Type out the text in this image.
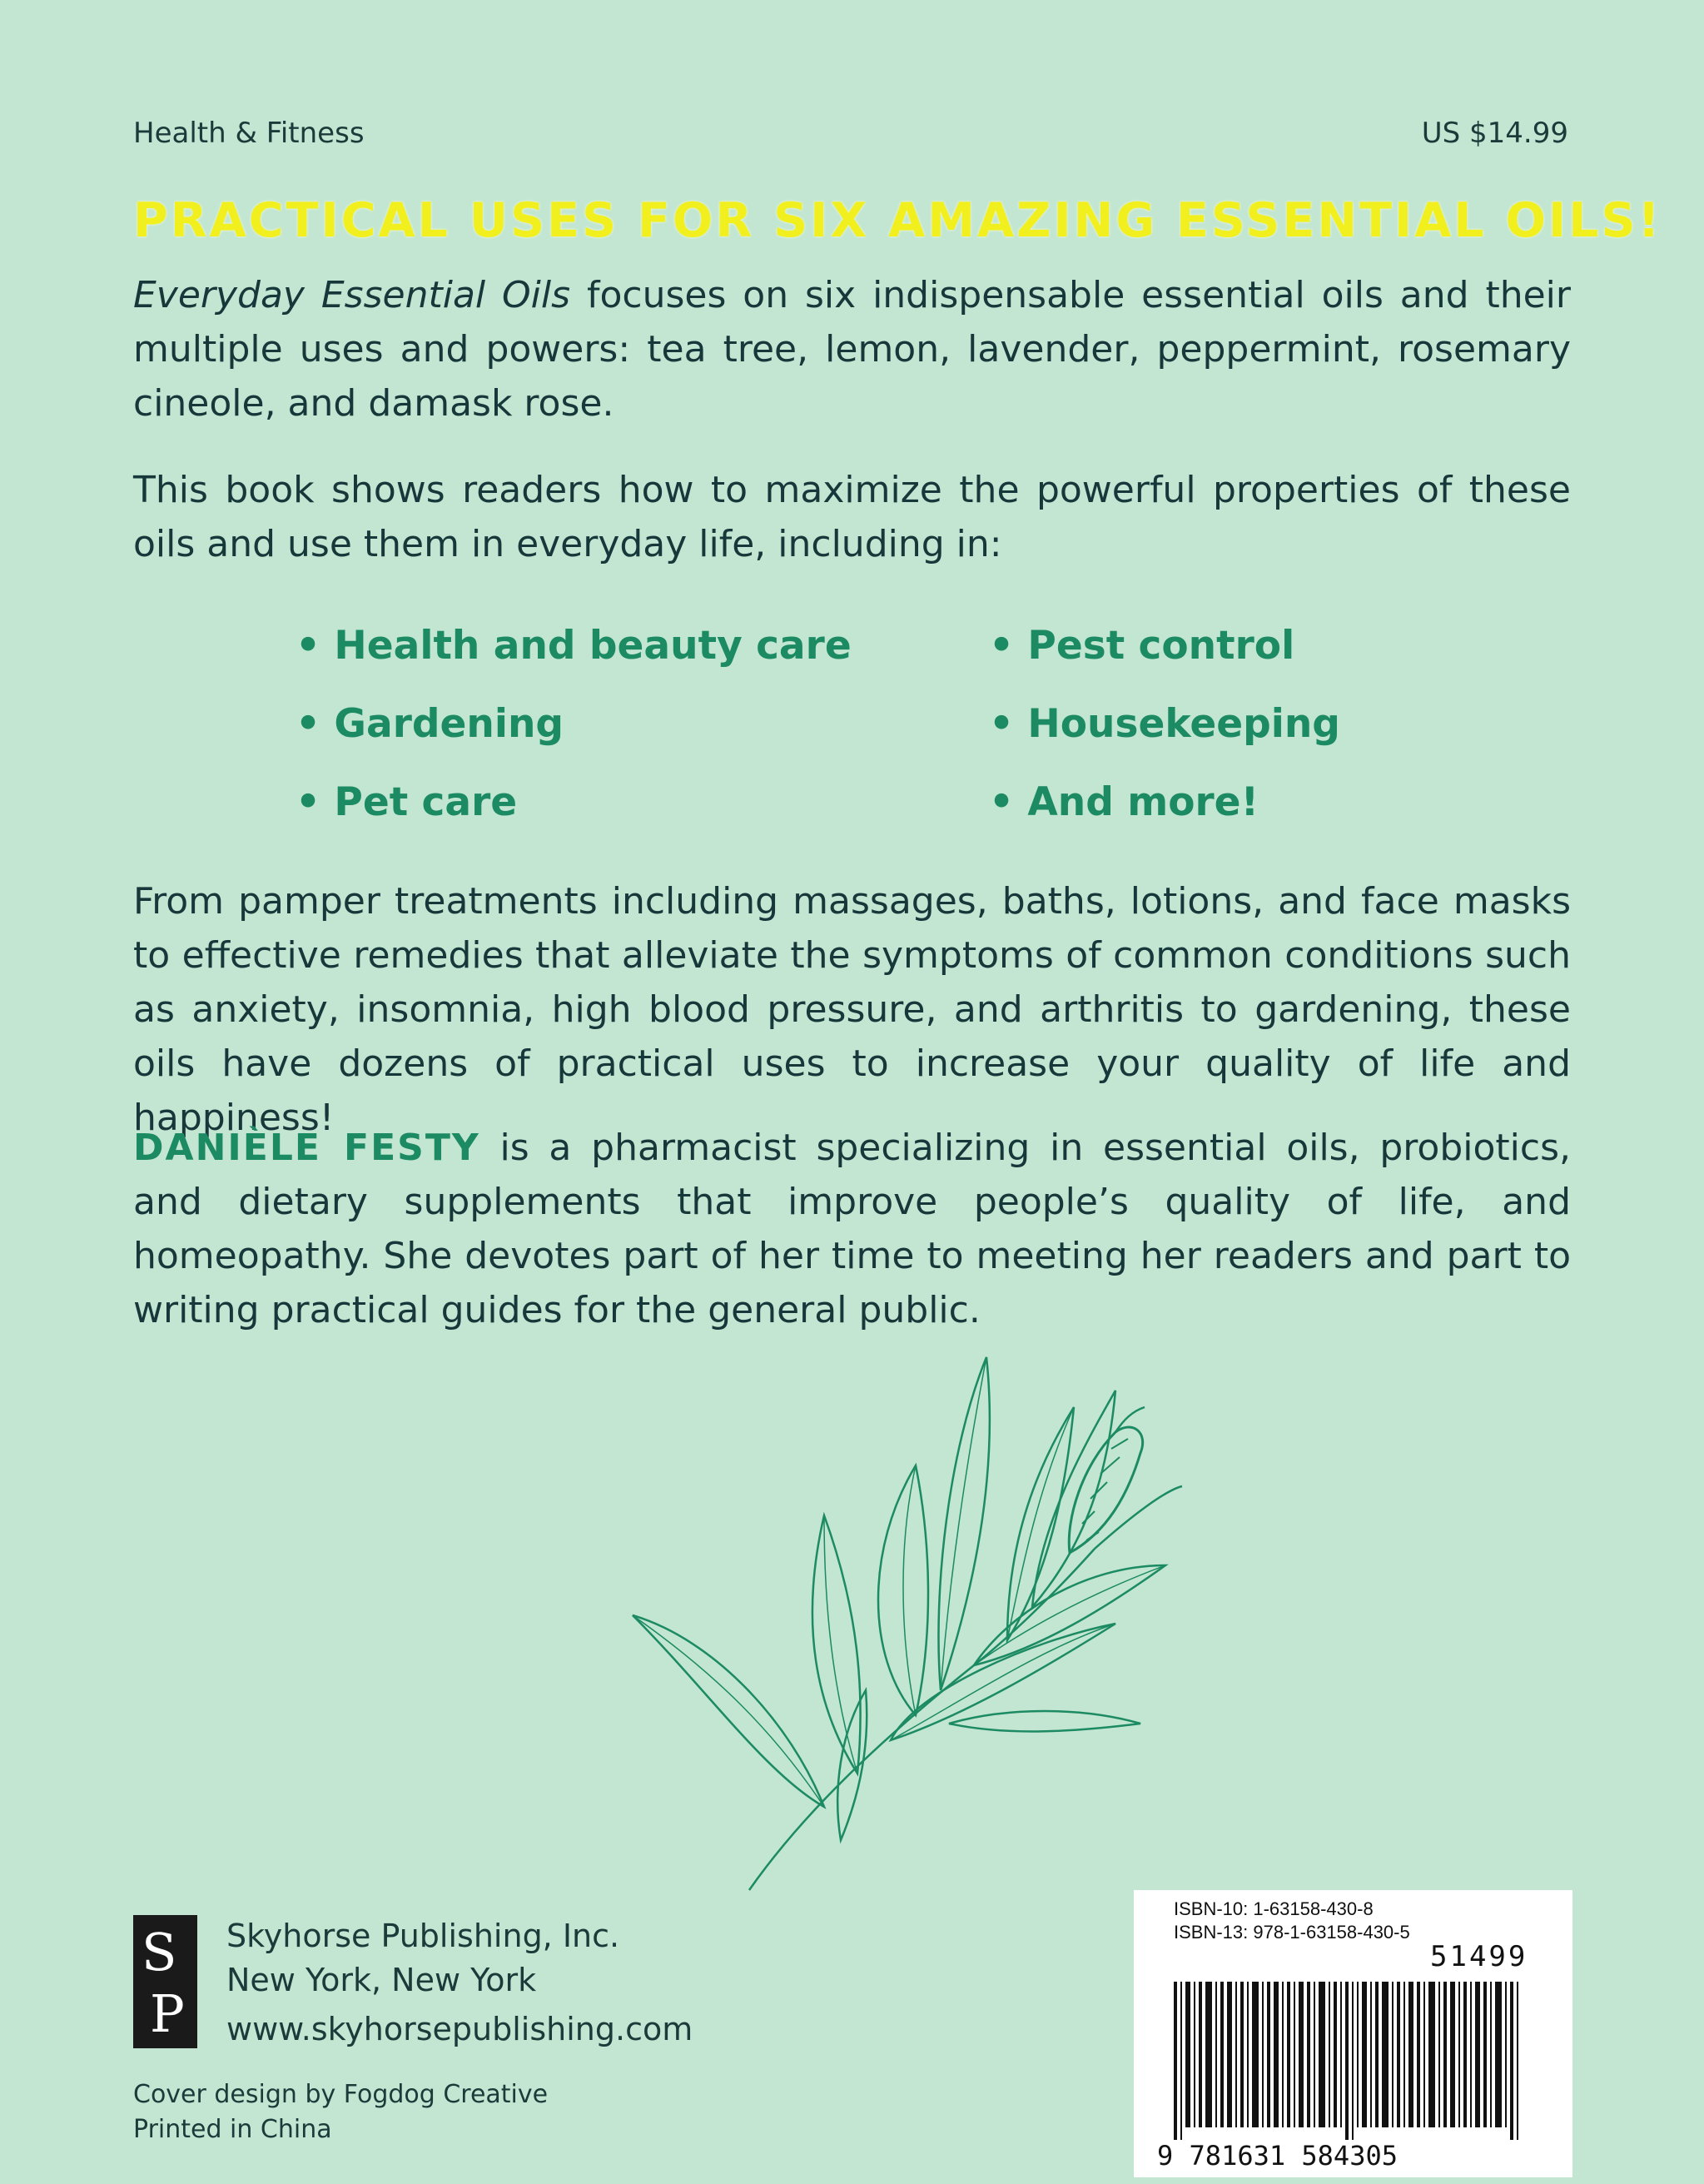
Health & Fitness	US $14.99
PRACTICAL USES FOR SIX AMAZING ESSENTIAL OILS!
Everyday Essential Oils focuses on six indispensable essential oils and their multiple uses and powers: tea tree, lemon, lavender, peppermint, rosemary cineole, and damask rose.
This book shows readers how to maximize the powerful properties of these oils and use them in everyday life, including in:
• Health and beauty care	• Pest control
• Gardening	• Housekeeping
• Pet care	• And more!
From pamper treatments including massages, baths, lotions, and face masks to effective remedies that alleviate the symptoms of common conditions such as anxiety, insomnia, high blood pressure, and arthritis to gardening, these oils have dozens of practical uses to increase your quality of life and happiness!
DANIÈLE FESTY is a pharmacist specializing in essential oils, probiotics, and dietary supplements that improve people’s quality of life, and homeopathy. She devotes part of her time to meeting her readers and part to writing practical guides for the general public.
S
P
Skyhorse Publishing, Inc.
New York, New York
www.skyhorsepublishing.com
Cover design by Fogdog Creative
Printed in China
ISBN-10: 1-63158-430-8
ISBN-13: 978-1-63158-430-5
51499
9 781631 584305
